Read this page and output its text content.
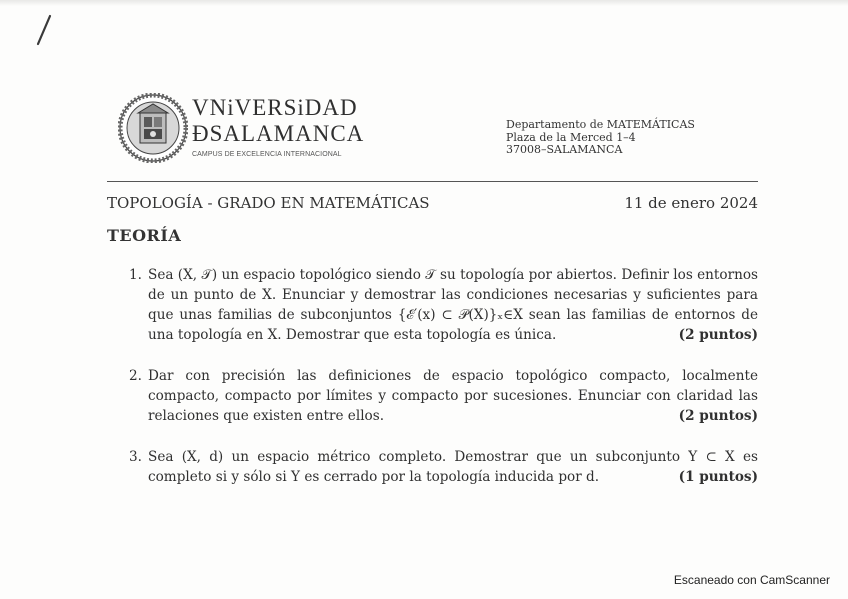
VNiVERSiDAD
ÐSALAMANCA
CAMPUS DE EXCELENCIA INTERNACIONAL
Departamento de MATEMÁTICAS
Plaza de la Merced 1–4
37008–SALAMANCA
TOPOLOGÍA - GRADO EN MATEMÁTICAS	11 de enero 2024
TEORÍA
1. Sea (X, 𝒯) un espacio topológico siendo 𝒯 su topología por abiertos. Definir los entornos de un punto de X. Enunciar y demostrar las condiciones necesarias y suficientes para que unas familias de subconjuntos {ℰ′(x) ⊂ 𝒫(X)}ₓ∈X sean las familias de entornos de una topología en X. Demostrar que esta topología es única.	(2 puntos)
2. Dar con precisión las definiciones de espacio topológico compacto, localmente compacto, compacto por límites y compacto por sucesiones. Enunciar con claridad las relaciones que existen entre ellos.	(2 puntos)
3. Sea (X, d) un espacio métrico completo. Demostrar que un subconjunto Y ⊂ X es completo si y sólo si Y es cerrado por la topología inducida por d.	(1 puntos)
Escaneado con CamScanner
